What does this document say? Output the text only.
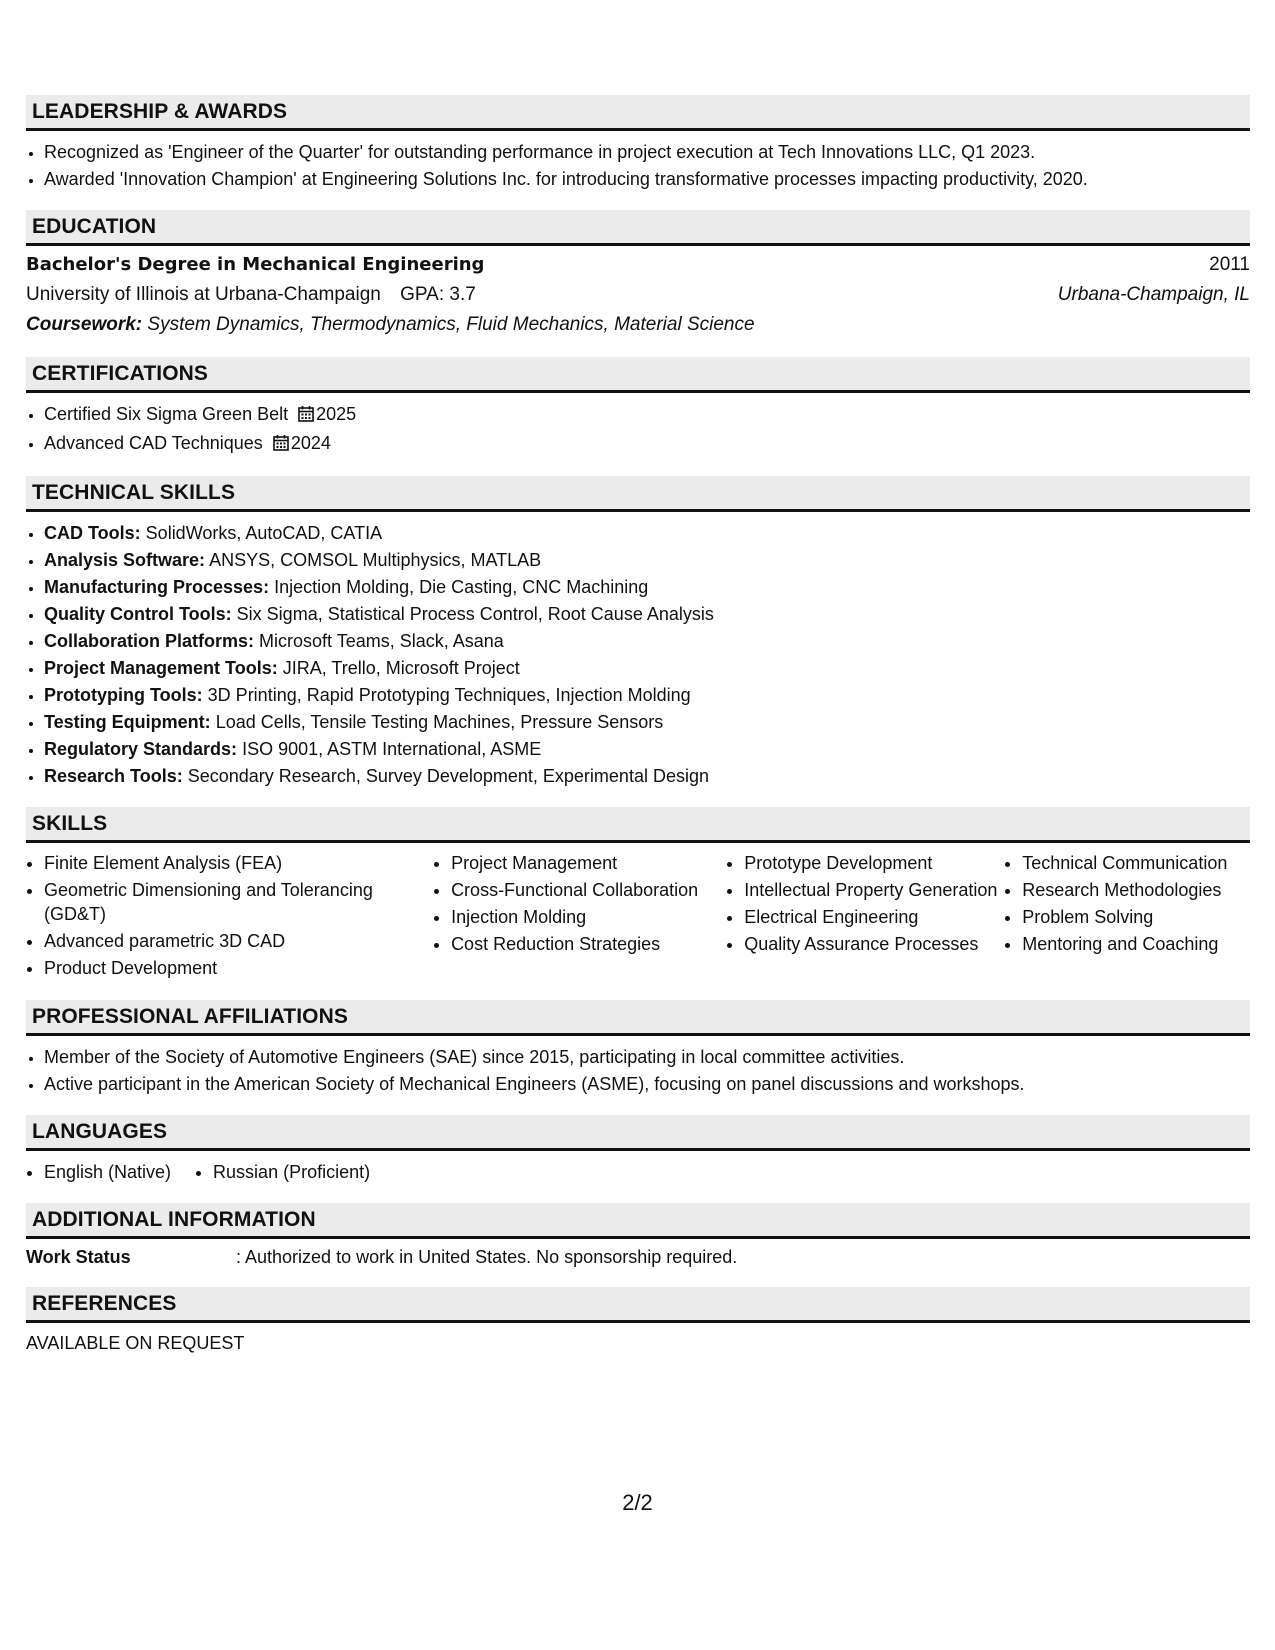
LEADERSHIP & AWARDS
• Recognized as 'Engineer of the Quarter' for outstanding performance in project execution at Tech Innovations LLC, Q1 2023.
• Awarded 'Innovation Champion' at Engineering Solutions Inc. for introducing transformative processes impacting productivity, 2020.
EDUCATION
Bachelor's Degree in Mechanical Engineering	2011
University of Illinois at Urbana-Champaign GPA: 3.7	Urbana-Champaign, IL
Coursework: System Dynamics, Thermodynamics, Fluid Mechanics, Material Science
CERTIFICATIONS
• Certified Six Sigma Green Belt 2025
• Advanced CAD Techniques 2024
TECHNICAL SKILLS
• CAD Tools: SolidWorks, AutoCAD, CATIA
• Analysis Software: ANSYS, COMSOL Multiphysics, MATLAB
• Manufacturing Processes: Injection Molding, Die Casting, CNC Machining
• Quality Control Tools: Six Sigma, Statistical Process Control, Root Cause Analysis
• Collaboration Platforms: Microsoft Teams, Slack, Asana
• Project Management Tools: JIRA, Trello, Microsoft Project
• Prototyping Tools: 3D Printing, Rapid Prototyping Techniques, Injection Molding
• Testing Equipment: Load Cells, Tensile Testing Machines, Pressure Sensors
• Regulatory Standards: ISO 9001, ASTM International, ASME
• Research Tools: Secondary Research, Survey Development, Experimental Design
SKILLS
• Finite Element Analysis (FEA)
• Geometric Dimensioning and Tolerancing (GD&T)
• Advanced parametric 3D CAD
• Product Development
• Project Management
• Cross-Functional Collaboration
• Injection Molding
• Cost Reduction Strategies
• Prototype Development
• Intellectual Property Generation
• Electrical Engineering
• Quality Assurance Processes
• Technical Communication
• Research Methodologies
• Problem Solving
• Mentoring and Coaching
PROFESSIONAL AFFILIATIONS
• Member of the Society of Automotive Engineers (SAE) since 2015, participating in local committee activities.
• Active participant in the American Society of Mechanical Engineers (ASME), focusing on panel discussions and workshops.
LANGUAGES
• English (Native)
• Russian (Proficient)
ADDITIONAL INFORMATION
Work Status	: Authorized to work in United States. No sponsorship required.
REFERENCES
AVAILABLE ON REQUEST
2/2
